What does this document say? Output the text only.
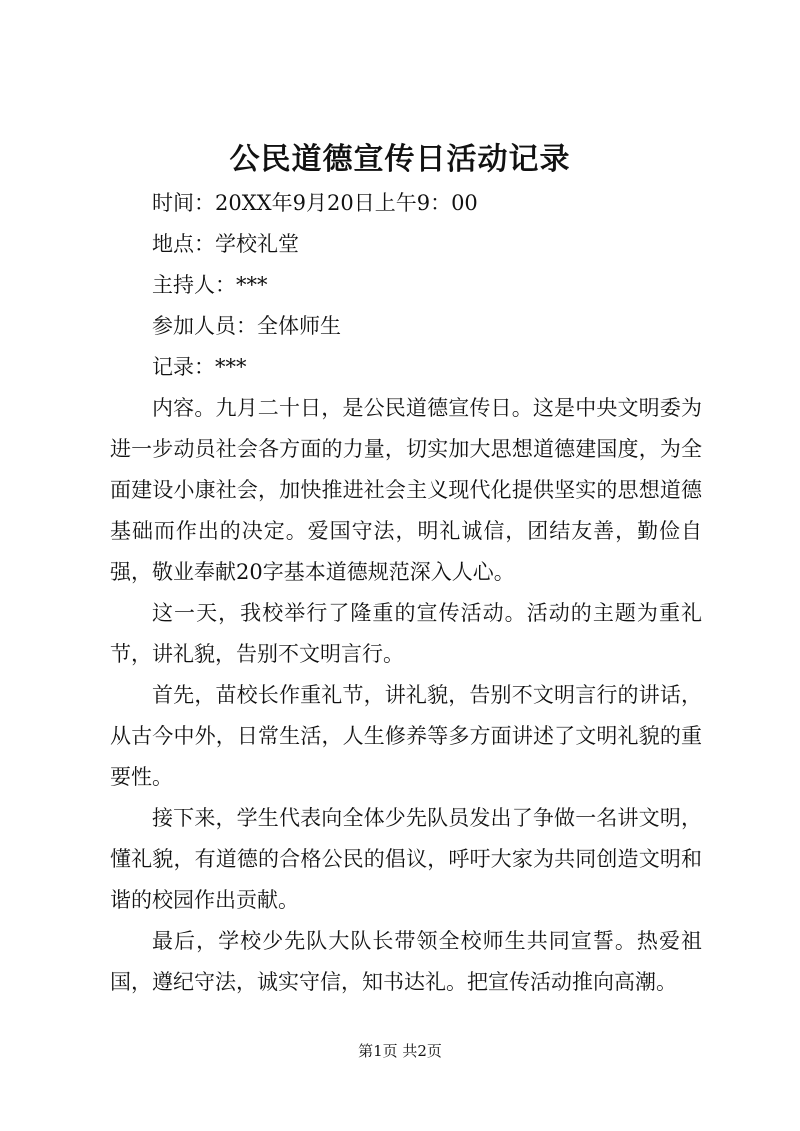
公民道德宣传日活动记录

时间：20XX年9月20日上午9：00

地点：学校礼堂

主持人：***

参加人员：全体师生

记录：***

内容。九月二十日，是公民道德宣传日。这是中央文明委为进一步动员社会各方面的力量，切实加大思想道德建国度，为全面建设小康社会，加快推进社会主义现代化提供坚实的思想道德基础而作出的决定。爱国守法，明礼诚信，团结友善，勤俭自强，敬业奉献20字基本道德规范深入人心。

这一天，我校举行了隆重的宣传活动。活动的主题为重礼节，讲礼貌，告别不文明言行。

首先，苗校长作重礼节，讲礼貌，告别不文明言行的讲话，从古今中外，日常生活，人生修养等多方面讲述了文明礼貌的重要性。

接下来，学生代表向全体少先队员发出了争做一名讲文明，懂礼貌，有道德的合格公民的倡议，呼吁大家为共同创造文明和谐的校园作出贡献。

最后，学校少先队大队长带领全校师生共同宣誓。热爱祖国，遵纪守法，诚实守信，知书达礼。把宣传活动推向高潮。

第1页 共2页
